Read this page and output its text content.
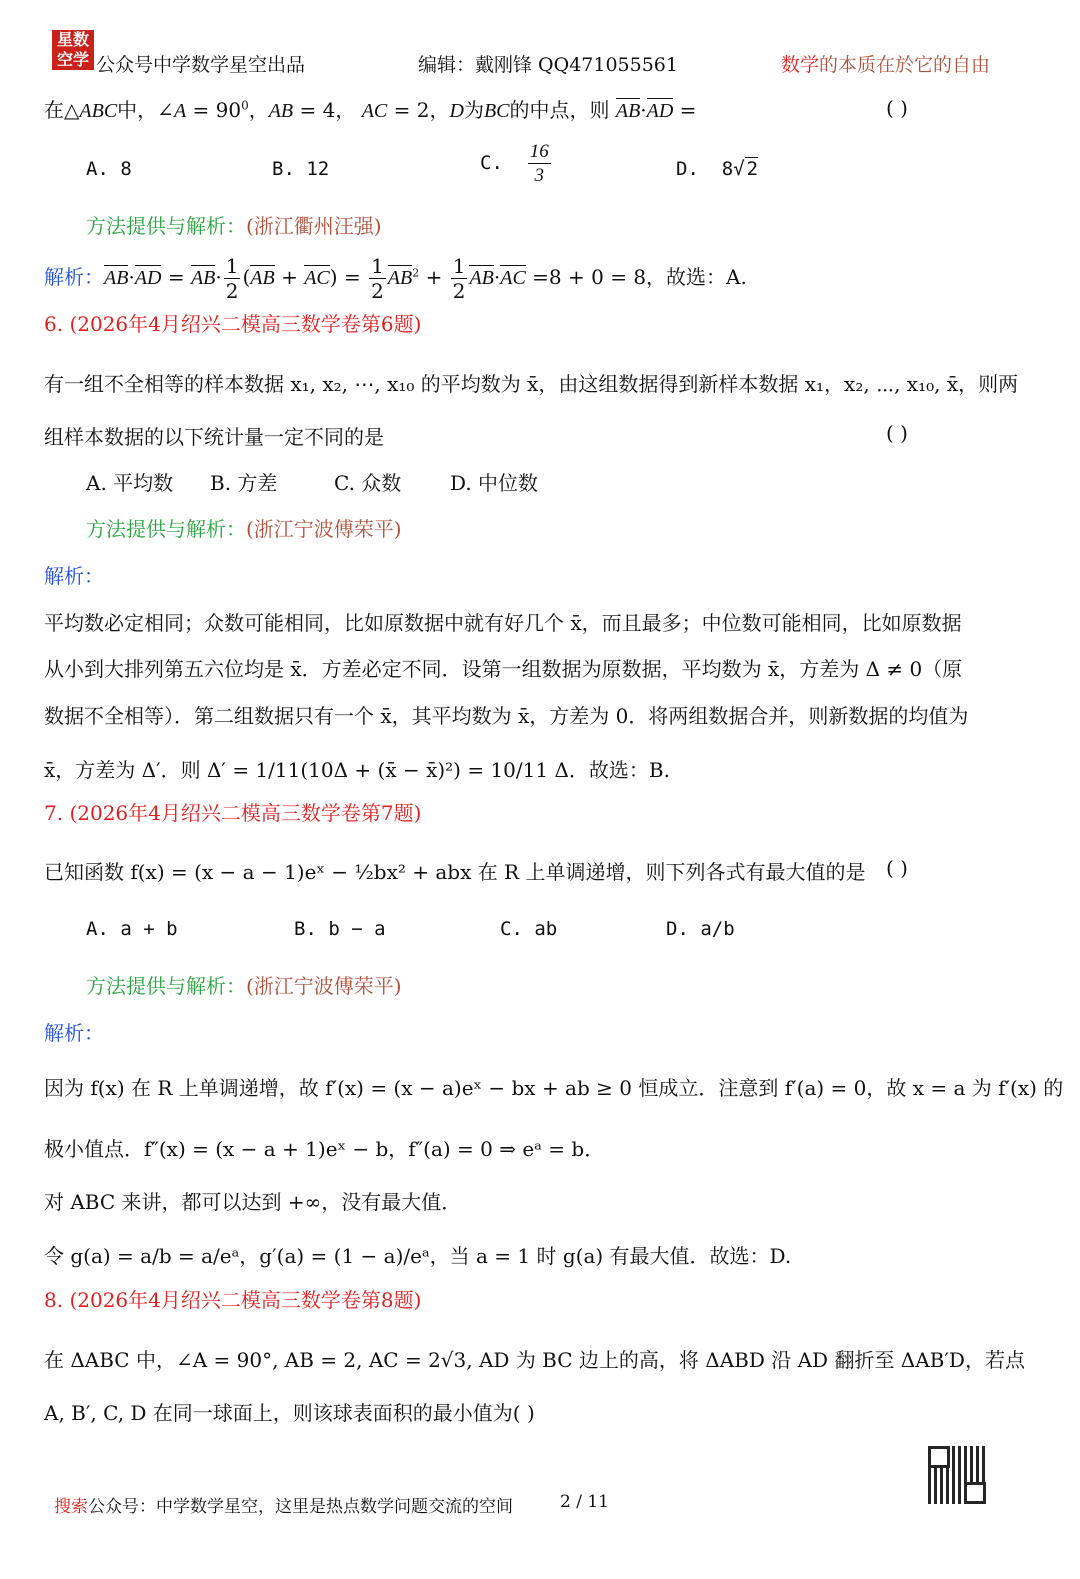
星数
空学 公众号中学数学星空出品	编辑：戴刚锋 QQ471055561	数学的本质在於它的自由
在△ABC中，∠A = $90^0$，AB = 4， AC = 2，D为BC的中点，则 AB·AD =	( )
A. 8	B. 12	C. $\frac{16}{3}$	D.  8√ 2
方法提供与解析：(浙江衢州汪强)
解析：$AB\cdot AD = AB\cdot \frac{1}{2} (AB + AC) = \frac{1}{2} AB^2 + \frac{1}{2} AB\cdot AC =8 + 0 = 8$，故选：A.
6. (2026年4月绍兴二模高三数学卷第6题)
有一组不全相等的样本数据 x₁, x₂, ⋯, x₁₀ 的平均数为 x̄，由这组数据得到新样本数据 x₁，x₂, ⋯, x₁₀, x̄，则两
组样本数据的以下统计量一定不同的是	( )
A. 平均数 B. 方差	C. 众数 D. 中位数
方法提供与解析：(浙江宁波傅荣平)
解析：
平均数必定相同；众数可能相同，比如原数据中就有好几个 x̄，而且最多；中位数可能相同，比如原数据
从小到大排列第五六位均是 x̄．方差必定不同．设第一组数据为原数据，平均数为 x̄，方差为 Δ ≠ 0（原
数据不全相等）．第二组数据只有一个 x̄，其平均数为 x̄，方差为 0．将两组数据合并，则新数据的均值为
x̄，方差为 Δ′．则 Δ′ = 1/11(10Δ + (x̄ − x̄)²) = 10/11 Δ．故选：B.
7. (2026年4月绍兴二模高三数学卷第7题)
已知函数 f(x) = (x − a − 1)eˣ − ½bx² + abx 在 R 上单调递增，则下列各式有最大值的是 ( )
A. a + b	B. b − a	C. ab	D. a/b
方法提供与解析：(浙江宁波傅荣平)
解析：
因为 f(x) 在 R 上单调递增，故 f′(x) = (x − a)eˣ − bx + ab ≥ 0 恒成立．注意到 f′(a) = 0，故 x = a 为 f′(x) 的
极小值点．f″(x) = (x − a + 1)eˣ − b，f″(a) = 0 ⇒ eᵃ = b．
对 ABC 来讲，都可以达到 +∞，没有最大值．
令 g(a) = a/b = a/eᵃ，g′(a) = (1 − a)/eᵃ，当 a = 1 时 g(a) 有最大值．故选：D.
8. (2026年4月绍兴二模高三数学卷第8题)
在 ΔABC 中，∠A = 90°, AB = 2, AC = 2√3, AD 为 BC 边上的高，将 ΔABD 沿 AD 翻折至 ΔAB′D，若点
A, B′, C, D 在同一球面上，则该球表面积的最小值为( )
搜索公众号：中学数学星空，这里是热点数学问题交流的空间	2 / 11
